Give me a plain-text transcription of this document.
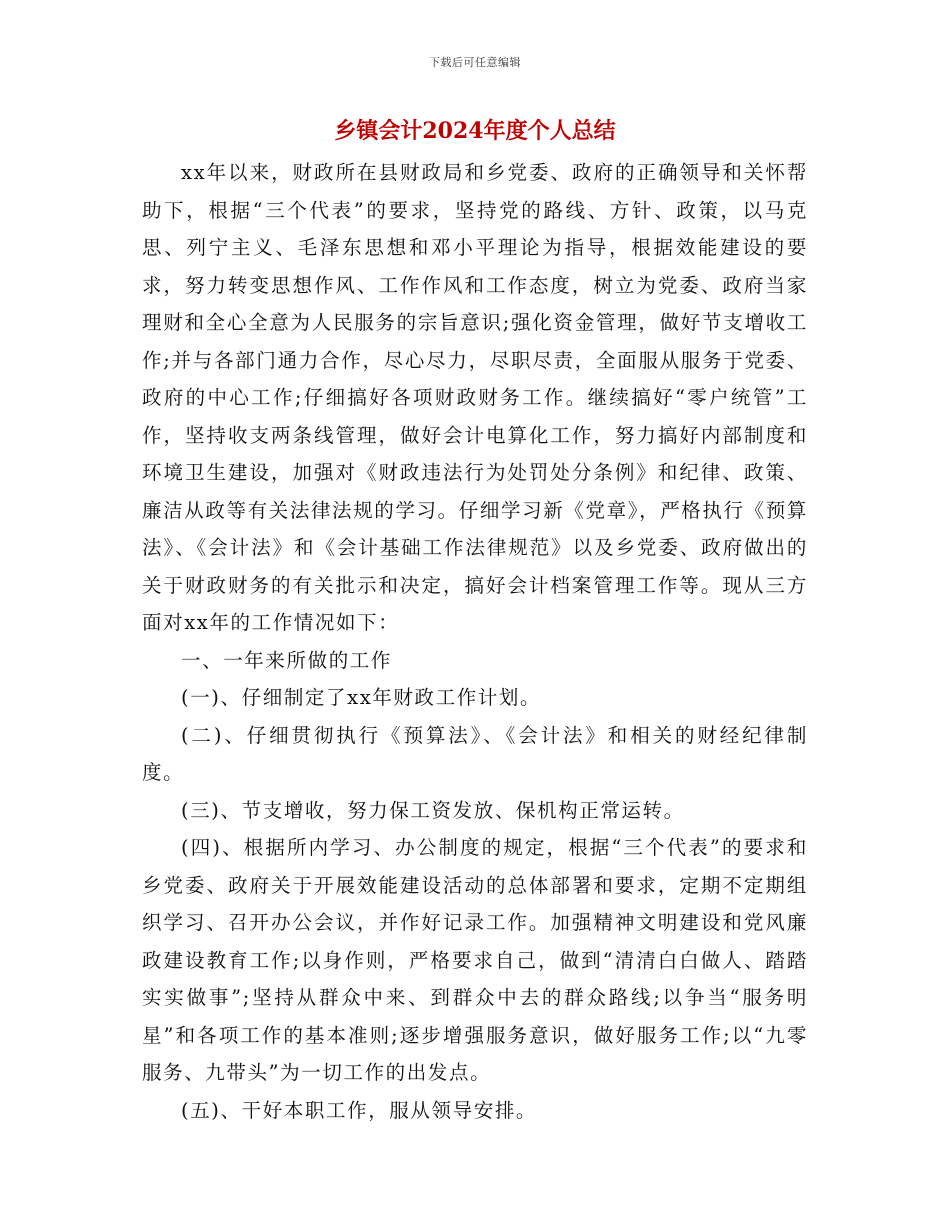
下载后可任意编辑
乡镇会计2024年度个人总结

xx年以来，财政所在县财政局和乡党委、政府的正确领导和关怀帮助下，根据“三个代表”的要求，坚持党的路线、方针、政策，以马克思、列宁主义、毛泽东思想和邓小平理论为指导，根据效能建设的要求，努力转变思想作风、工作作风和工作态度，树立为党委、政府当家理财和全心全意为人民服务的宗旨意识;强化资金管理，做好节支增收工作;并与各部门通力合作，尽心尽力，尽职尽责，全面服从服务于党委、政府的中心工作;仔细搞好各项财政财务工作。继续搞好“零户统管”工作，坚持收支两条线管理，做好会计电算化工作，努力搞好内部制度和环境卫生建设，加强对《财政违法行为处罚处分条例》和纪律、政策、廉洁从政等有关法律法规的学习。仔细学习新《党章》，严格执行《预算法》、《会计法》和《会计基础工作法律规范》以及乡党委、政府做出的关于财政财务的有关批示和决定，搞好会计档案管理工作等。现从三方面对xx年的工作情况如下：

一、一年来所做的工作

(一)、仔细制定了xx年财政工作计划。

(二)、仔细贯彻执行《预算法》、《会计法》和相关的财经纪律制度。

(三)、节支增收，努力保工资发放、保机构正常运转。

(四)、根据所内学习、办公制度的规定，根据“三个代表”的要求和乡党委、政府关于开展效能建设活动的总体部署和要求，定期不定期组织学习、召开办公会议，并作好记录工作。加强精神文明建设和党风廉政建设教育工作;以身作则，严格要求自己，做到“清清白白做人、踏踏实实做事”;坚持从群众中来、到群众中去的群众路线;以争当“服务明星”和各项工作的基本准则;逐步增强服务意识，做好服务工作;以“九零服务、九带头”为一切工作的出发点。

(五)、干好本职工作，服从领导安排。
